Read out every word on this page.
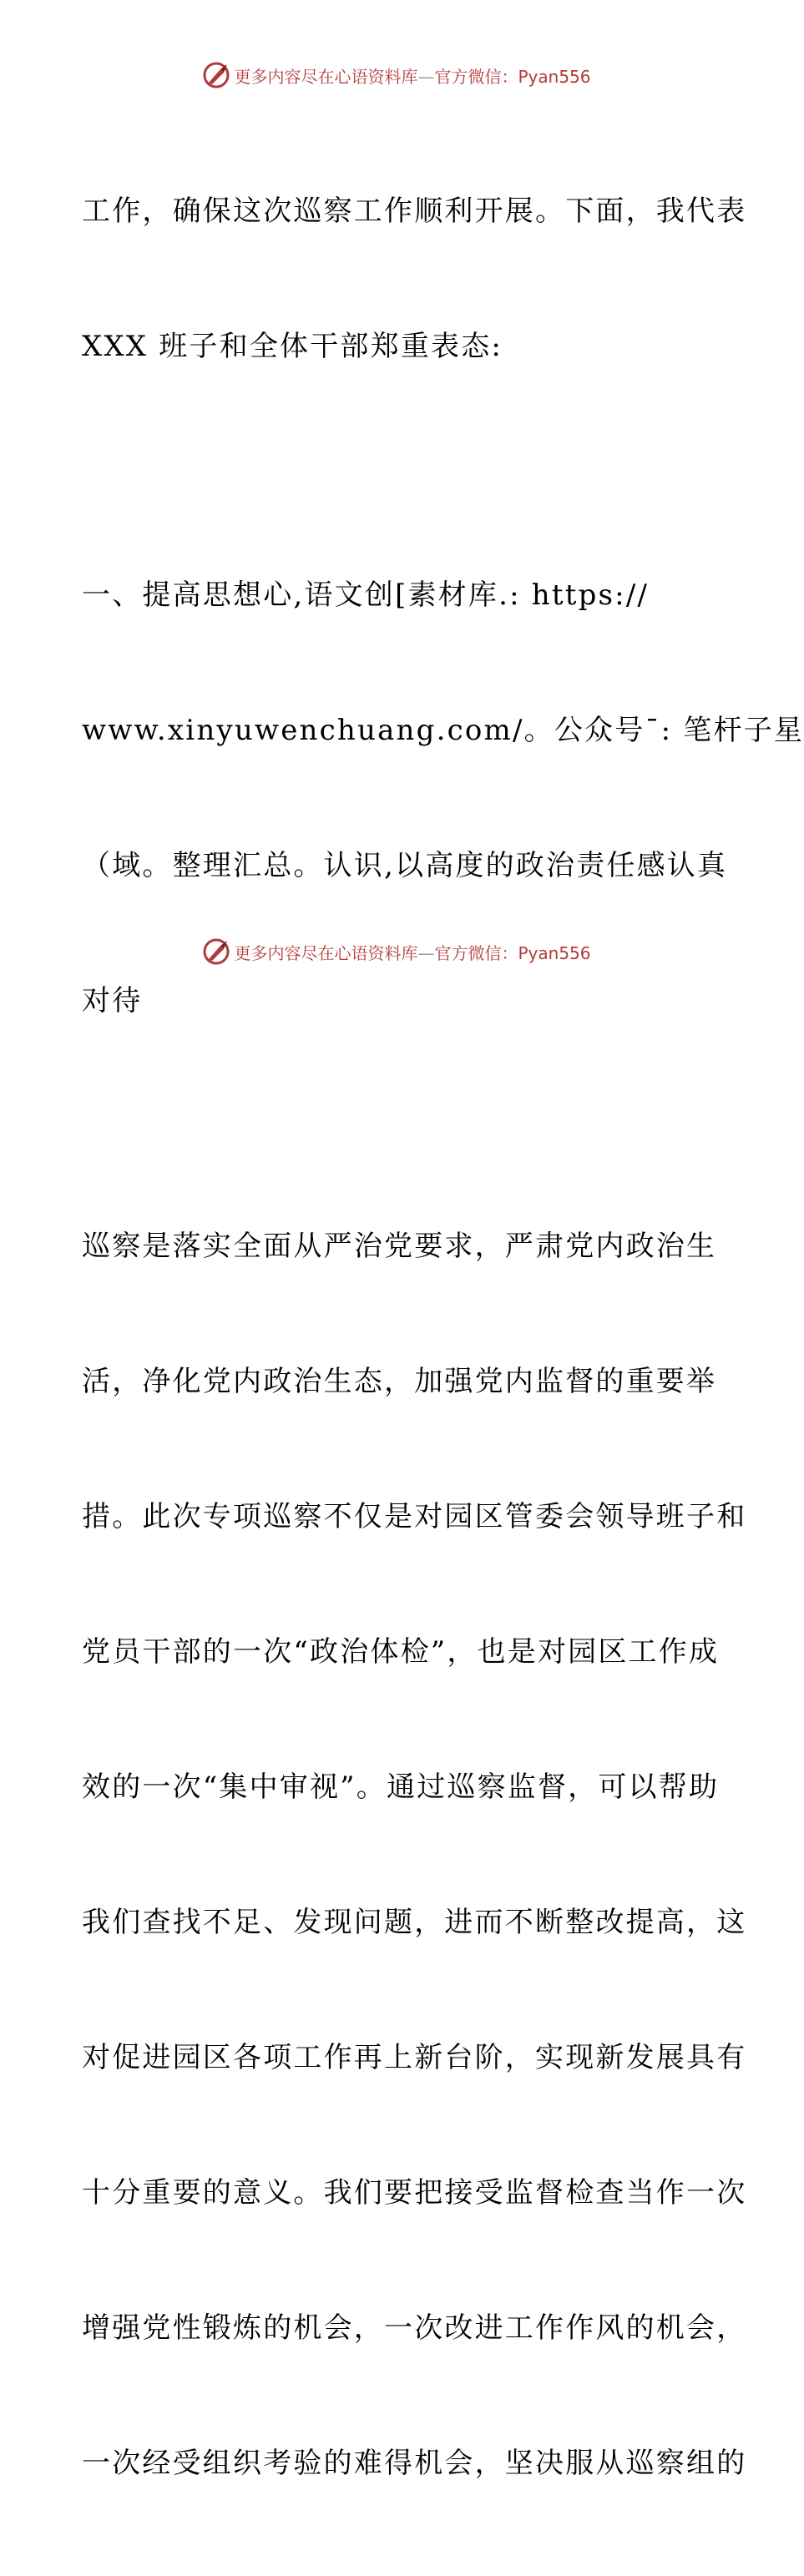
更多内容尽在心语资料库—官方微信：Pyan556

工作，确保这次巡察工作顺利开展。下面，我代表

XXX 班子和全体干部郑重表态:

一、提高思想心,语文创[素材库.: https://

www.xinyuwenchuang.com/。公众号¯: 笔杆子星

（域。整理汇总。认识,以高度的政治责任感认真

对待

巡察是落实全面从严治党要求，严肃党内政治生

活，净化党内政治生态，加强党内监督的重要举

措。此次专项巡察不仅是对园区管委会领导班子和

党员干部的一次“政治体检”，也是对园区工作成

效的一次“集中审视”。通过巡察监督，可以帮助

我们查找不足、发现问题，进而不断整改提高，这

对促进园区各项工作再上新台阶，实现新发展具有

十分重要的意义。我们要把接受监督检查当作一次

增强党性锻炼的机会，一次改进工作作风的机会，

一次经受组织考验的难得机会，坚决服从巡察组的

更多内容尽在心语资料库—官方微信：Pyan556
